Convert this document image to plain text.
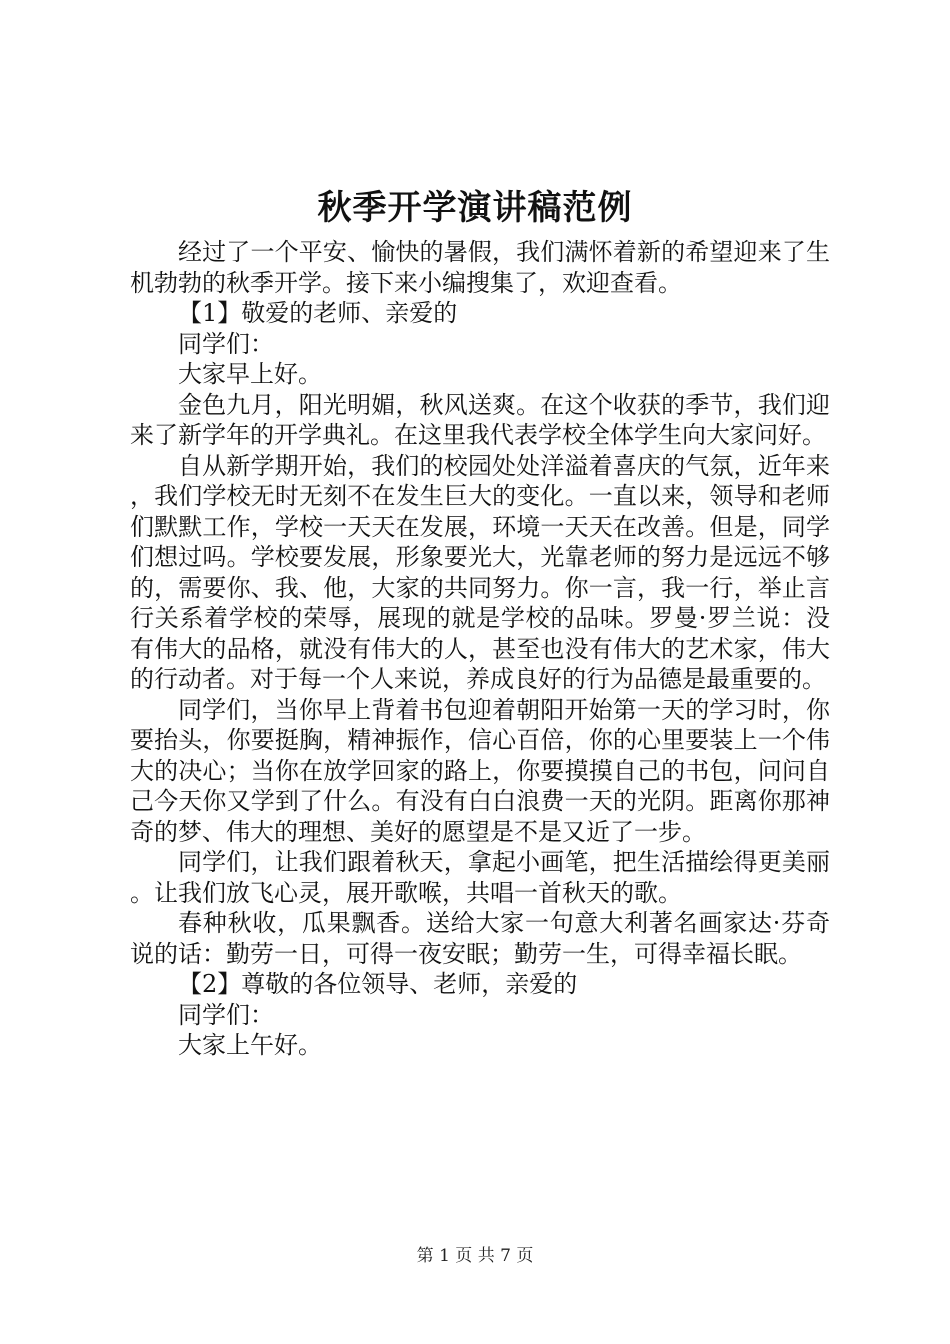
秋季开学演讲稿范例

经过了一个平安、愉快的暑假，我们满怀着新的希望迎来了生机勃勃的秋季开学。接下来小编搜集了，欢迎查看。

【1】敬爱的老师、亲爱的

同学们：

大家早上好。

金色九月，阳光明媚，秋风送爽。在这个收获的季节，我们迎来了新学年的开学典礼。在这里我代表学校全体学生向大家问好。

自从新学期开始，我们的校园处处洋溢着喜庆的气氛，近年来，我们学校无时无刻不在发生巨大的变化。一直以来，领导和老师们默默工作，学校一天天在发展，环境一天天在改善。但是，同学们想过吗。学校要发展，形象要光大，光靠老师的努力是远远不够的，需要你、我、他，大家的共同努力。你一言，我一行，举止言行关系着学校的荣辱，展现的就是学校的品味。罗曼·罗兰说：没有伟大的品格，就没有伟大的人，甚至也没有伟大的艺术家，伟大的行动者。对于每一个人来说，养成良好的行为品德是最重要的。

同学们，当你早上背着书包迎着朝阳开始第一天的学习时，你要抬头，你要挺胸，精神振作，信心百倍，你的心里要装上一个伟大的决心；当你在放学回家的路上，你要摸摸自己的书包，问问自己今天你又学到了什么。有没有白白浪费一天的光阴。距离你那神奇的梦、伟大的理想、美好的愿望是不是又近了一步。

同学们，让我们跟着秋天，拿起小画笔，把生活描绘得更美丽。让我们放飞心灵，展开歌喉，共唱一首秋天的歌。

春种秋收，瓜果飘香。送给大家一句意大利著名画家达·芬奇说的话：勤劳一日，可得一夜安眠；勤劳一生，可得幸福长眠。

【2】尊敬的各位领导、老师，亲爱的

同学们：

大家上午好。

第 1 页 共 7 页
